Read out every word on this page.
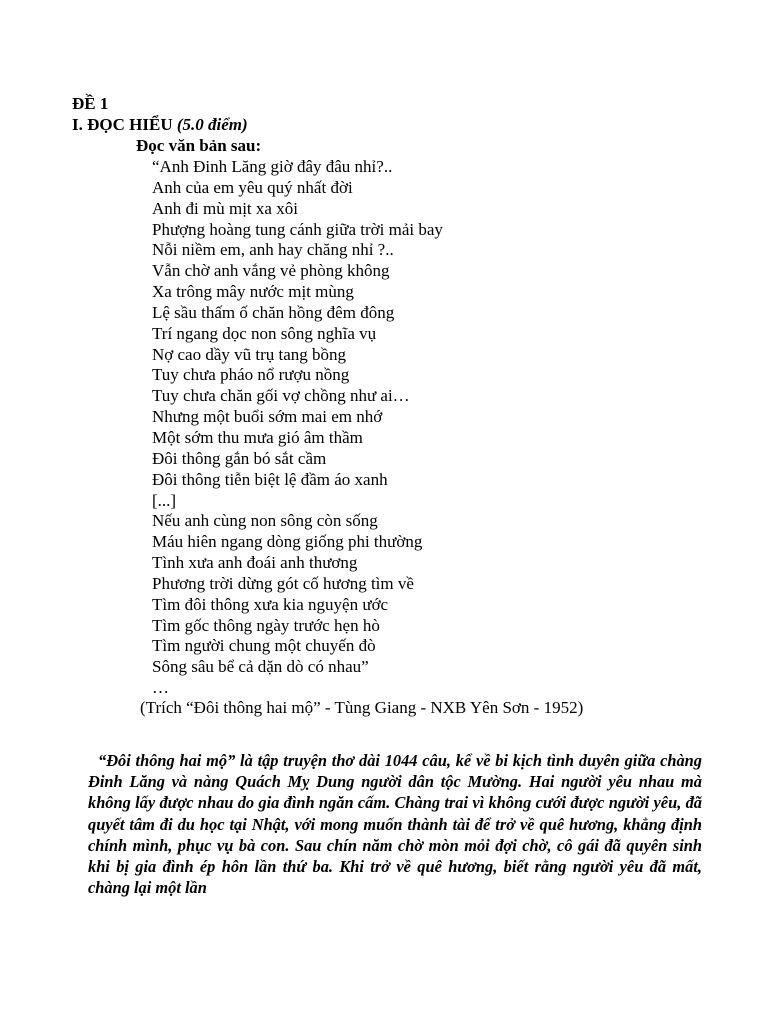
ĐỀ 1
I. ĐỌC HIỂU (5.0 điểm)
Đọc văn bản sau:
“Anh Đinh Lăng giờ đây đâu nhỉ?..
Anh của em yêu quý nhất đời
Anh đi mù mịt xa xôi
Phượng hoàng tung cánh giữa trời mải bay
Nỗi niềm em, anh hay chăng nhỉ ?..
Vẫn chờ anh vắng vẻ phòng không
Xa trông mây nước mịt mùng
Lệ sầu thấm ố chăn hồng đêm đông
Trí ngang dọc non sông nghĩa vụ
Nợ cao dầy vũ trụ tang bồng
Tuy chưa pháo nổ rượu nồng
Tuy chưa chăn gối vợ chồng như ai…
Nhưng một buổi sớm mai em nhớ
Một sớm thu mưa gió âm thầm
Đôi thông gắn bó sắt cầm
Đôi thông tiễn biệt lệ đầm áo xanh
[...]
Nếu anh cùng non sông còn sống
Máu hiên ngang dòng giống phi thường
Tình xưa anh đoái anh thương
Phương trời dừng gót cố hương tìm về
Tìm đôi thông xưa kia nguyện ước
Tìm gốc thông ngày trước hẹn hò
Tìm người chung một chuyến đò
Sông sâu bể cả dặn dò có nhau”
…
(Trích “Đôi thông hai mộ” - Tùng Giang - NXB Yên Sơn - 1952)

“Đôi thông hai mộ” là tập truyện thơ dài 1044 câu, kể về bi kịch tình duyên giữa chàng Đinh Lăng và nàng Quách Mỵ Dung người dân tộc Mường. Hai người yêu nhau mà không lấy được nhau do gia đình ngăn cấm. Chàng trai vì không cưới được người yêu, đã quyết tâm đi du học tại Nhật, với mong muốn thành tài để trở về quê hương, khẳng định chính mình, phục vụ bà con. Sau chín năm chờ mòn mỏi đợi chờ, cô gái đã quyên sinh khi bị gia đình ép hôn lần thứ ba. Khi trở về quê hương, biết rằng người yêu đã mất, chàng lại một lần
